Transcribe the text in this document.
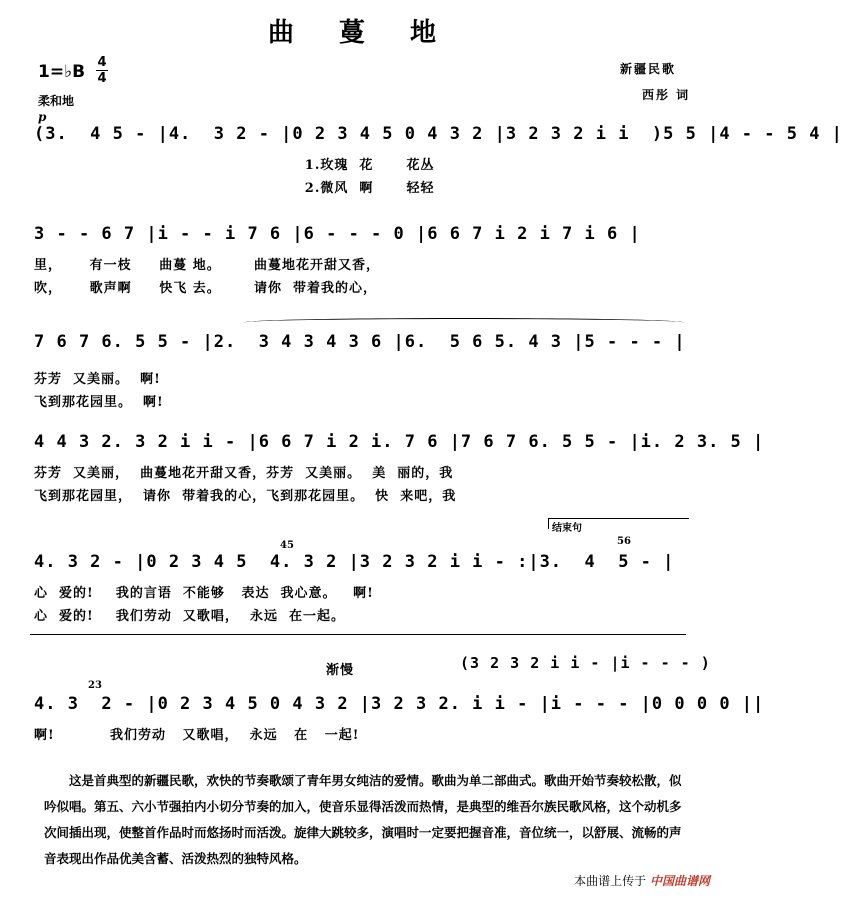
曲 蔓 地
1=♭B 4
4
柔和地
新疆民歌
西彤 词
p
(3.  4 5 - |4.  3 2 - |0 2 3 4 5 0 4 3 2 |3 2 3 2 i i  )5 5 |4 - - 5 4 |
1.玫瑰  花      花丛
2.微风  啊      轻轻
3 - - 6 7 |i - - i 7 6 |6 - - - 0 |6 6 7 i 2 i 7 i 6 |
里，     有一枝     曲蔓 地。      曲蔓地花开甜又香，
吹，     歌声啊     快飞 去。      请你  带着我的心，
7 6 7 6. 5 5 - |2.  3 4 3 4 3 6 |6.  5 6 5. 4 3 |5 - - - |
芬芳  又美丽。  啊!
飞到那花园里。  啊!
4 4 3 2. 3 2 i i - |6 6 7 i 2 i. 7 6 |7 6 7 6. 5 5 - |i. 2 3. 5 |
芬芳  又美丽，  曲蔓地花开甜又香，芬芳  又美丽。  美  丽的，我
飞到那花园里，  请你  带着我的心，飞到那花园里。  快  来吧，我
结束句
45	56
4. 3 2 - |0 2 3 4 5  4. 3 2 |3 2 3 2 i i - :|3.  4  5 - |
心  爱的!    我的言语  不能够   表达  我心意。   啊!
心  爱的!    我们劳动  又歌唱，  永远  在一起。
渐慢	(3 2 3 2 i i - |i - - - )
23
4. 3  2 - |0 2 3 4 5 0 4 3 2 |3 2 3 2. i i - |i - - - |0 0 0 0 ||
啊!          我们劳动   又歌唱，  永远   在   一起!
这是首典型的新疆民歌，欢快的节奏歌颂了青年男女纯洁的爱情。歌曲为单二部曲式。歌曲开始节奏较松散，似吟似唱。第五、六小节强拍内小切分节奏的加入，使音乐显得活泼而热情，是典型的维吾尔族民歌风格，这个动机多次间插出现，使整首作品时而悠扬时而活泼。旋律大跳较多，演唱时一定要把握音准，音位统一，以舒展、流畅的声音表现出作品优美含蓄、活泼热烈的独特风格。
本曲谱上传于 中国曲谱网
